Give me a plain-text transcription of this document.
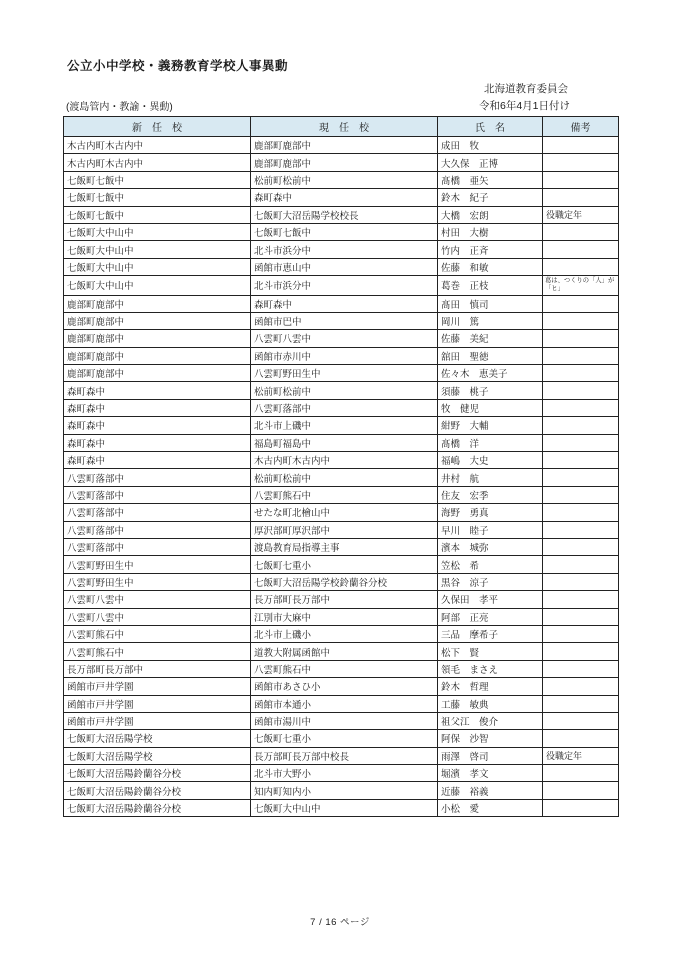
公立小中学校・義務教育学校人事異動
北海道教育委員会
(渡島管内・教諭・異動)	令和6年4月1日付け
新　任　校	現　任　校	氏　名	備考
木古内町木古内中	鹿部町鹿部中	成田　牧	
木古内町木古内中	鹿部町鹿部中	大久保　正博	
七飯町七飯中	松前町松前中	髙橋　亜矢	
七飯町七飯中	森町森中	鈴木　紀子	
七飯町七飯中	七飯町大沼岳陽学校校長	大橋　宏朗	役職定年
七飯町大中山中	七飯町七飯中	村田　大樹	
七飯町大中山中	北斗市浜分中	竹内　正斉	
七飯町大中山中	函館市恵山中	佐藤　和敏	
七飯町大中山中	北斗市浜分中	葛巻　正枝	葛は、つくりの「人」が「ヒ」
鹿部町鹿部中	森町森中	髙田　慎司	
鹿部町鹿部中	函館市巴中	岡川　篤	
鹿部町鹿部中	八雲町八雲中	佐藤　美紀	
鹿部町鹿部中	函館市赤川中	舘田　聖徳	
鹿部町鹿部中	八雲町野田生中	佐々木　恵美子	
森町森中	松前町松前中	須藤　桃子	
森町森中	八雲町落部中	牧　健児	
森町森中	北斗市上磯中	紺野　大輔	
森町森中	福島町福島中	髙橋　洋	
森町森中	木古内町木古内中	福嶋　大史	
八雲町落部中	松前町松前中	井村　航	
八雲町落部中	八雲町熊石中	住友　宏季	
八雲町落部中	せたな町北檜山中	海野　勇真	
八雲町落部中	厚沢部町厚沢部中	早川　睦子	
八雲町落部中	渡島教育局指導主事	濱本　城弥	
八雲町野田生中	七飯町七重小	笠松　希	
八雲町野田生中	七飯町大沼岳陽学校鈴蘭谷分校	黒谷　涼子	
八雲町八雲中	長万部町長万部中	久保田　孝平	
八雲町八雲中	江別市大麻中	阿部　正亮	
八雲町熊石中	北斗市上磯小	三品　摩希子	
八雲町熊石中	道教大附属函館中	松下　賢	
長万部町長万部中	八雲町熊石中	領毛　まさえ	
函館市戸井学園	函館市あさひ小	鈴木　哲理	
函館市戸井学園	函館市本通小	工藤　敏典	
函館市戸井学園	函館市湯川中	祖父江　俊介	
七飯町大沼岳陽学校	七飯町七重小	阿保　沙智	
七飯町大沼岳陽学校	長万部町長万部中校長	雨澤　啓司	役職定年
七飯町大沼岳陽鈴蘭谷分校	北斗市大野小	堀濱　孝文	
七飯町大沼岳陽鈴蘭谷分校	知内町知内小	近藤　裕義	
七飯町大沼岳陽鈴蘭谷分校	七飯町大中山中	小松　愛	
7 / 16 ページ
